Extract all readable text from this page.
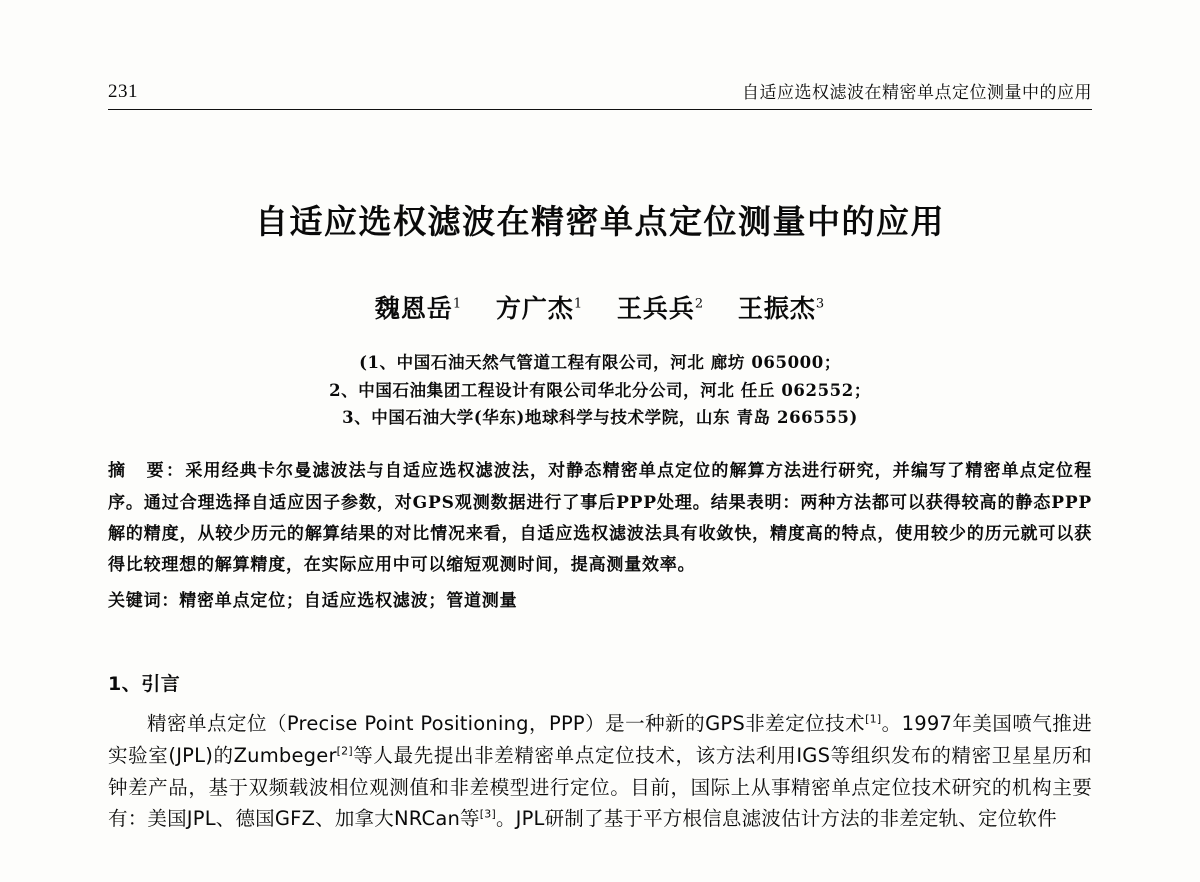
231	自适应选权滤波在精密单点定位测量中的应用
自适应选权滤波在精密单点定位测量中的应用
魏恩岳$^1$ 方广杰$^1$ 王兵兵$^2$ 王振杰$^3$
(1、中国石油天然气管道工程有限公司，河北 廊坊 065000；
2、中国石油集团工程设计有限公司华北分公司，河北 任丘 062552；
3、中国石油大学(华东)地球科学与技术学院，山东 青岛 266555)
摘　要：采用经典卡尔曼滤波法与自适应选权滤波法，对静态精密单点定位的解算方法进行研究，并编写了精密单点定位程序。通过合理选择自适应因子参数，对GPS观测数据进行了事后PPP处理。结果表明：两种方法都可以获得较高的静态PPP解的精度，从较少历元的解算结果的对比情况来看，自适应选权滤波法具有收敛快，精度高的特点，使用较少的历元就可以获得比较理想的解算精度，在实际应用中可以缩短观测时间，提高测量效率。
关键词：精密单点定位；自适应选权滤波；管道测量
1、引言

精密单点定位（Precise Point Positioning，PPP）是一种新的GPS非差定位技术[1]。1997年美国喷气推进实验室(JPL)的Zumbeger[2]等人最先提出非差精密单点定位技术，该方法利用IGS等组织发布的精密卫星星历和钟差产品，基于双频载波相位观测值和非差模型进行定位。目前，国际上从事精密单点定位技术研究的机构主要有：美国JPL、德国GFZ、加拿大NRCan等[3]。JPL研制了基于平方根信息滤波估计方法的非差定轨、定位软件
